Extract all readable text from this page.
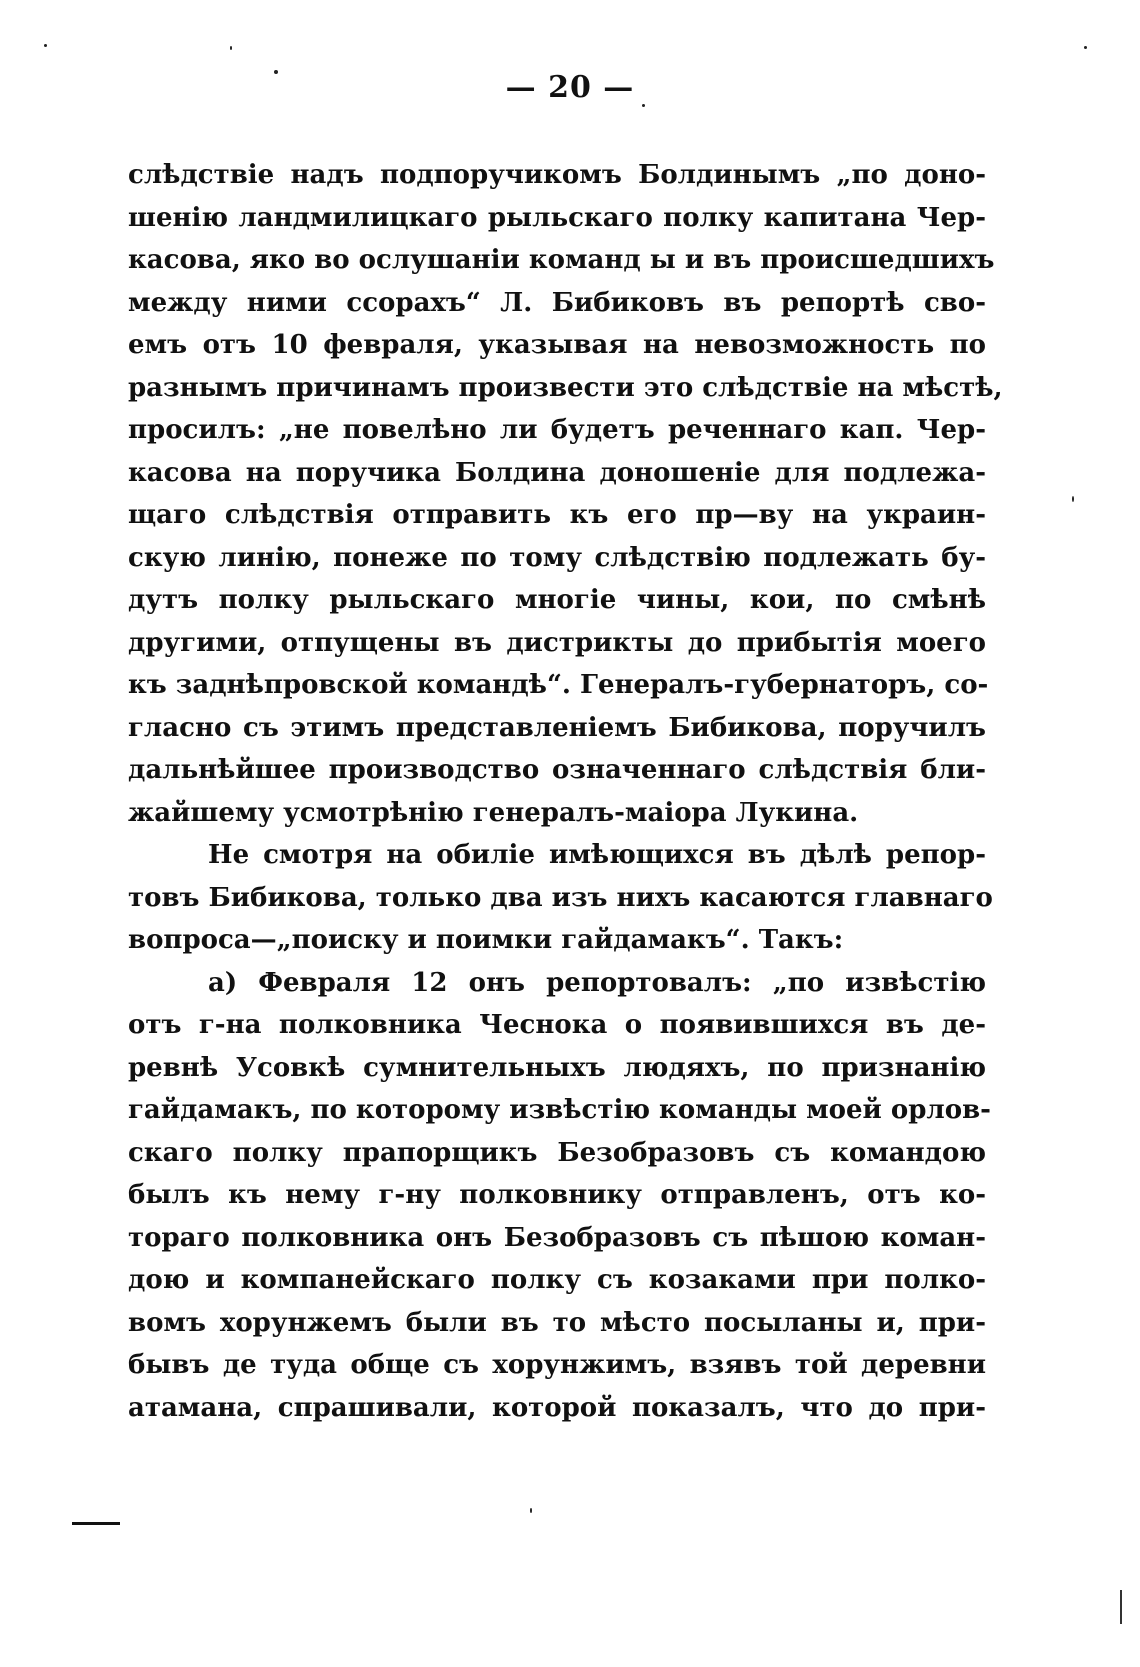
— 20 —
слѣдствіе надъ подпоручикомъ Болдинымъ „по доно-
шенію ландмилицкаго рыльскаго полку капитана Чер-
касова, яко во ослушаніи команд ы и въ происшедшихъ
между ними ссорахъ“ Л. Бибиковъ въ репортѣ сво-
емъ отъ 10 февраля, указывая на невозможность по
разнымъ причинамъ произвести это слѣдствіе на мѣстѣ,
просилъ: „не повелѣно ли будетъ реченнаго кап. Чер-
касова на поручика Болдина доношеніе для подлежа-
щаго слѣдствія отправить къ его пр—ву на украин-
скую линію, понеже по тому слѣдствію подлежать бу-
дутъ полку рыльскаго многіе чины, кои, по смѣнѣ
другими, отпущены въ дистрикты до прибытія моего
къ заднѣпровской командѣ“. Генералъ-губернаторъ, со-
гласно съ этимъ представленіемъ Бибикова, поручилъ
дальнѣйшее производство означеннаго слѣдствія бли-
жайшему усмотрѣнію генералъ-маіора Лукина.
Не смотря на обиліе имѣющихся въ дѣлѣ репор-
товъ Бибикова, только два изъ нихъ касаются главнаго
вопроса—„поиску и поимки гайдамакъ“. Такъ:
а) Февраля 12 онъ репортовалъ: „по извѣстію
отъ г-на полковника Чеснока о появившихся въ де-
ревнѣ Усовкѣ сумнительныхъ людяхъ, по признанію
гайдамакъ, по которому извѣстію команды моей орлов-
скаго полку прапорщикъ Безобразовъ съ командою
былъ къ нему г-ну полковнику отправленъ, отъ ко-
тораго полковника онъ Безобразовъ съ пѣшою коман-
дою и компанейскаго полку съ козаками при полко-
вомъ хорунжемъ были въ то мѣсто посыланы и, при-
бывъ де туда обще съ хорунжимъ, взявъ той деревни
атамана, спрашивали, которой показалъ, что до при-
